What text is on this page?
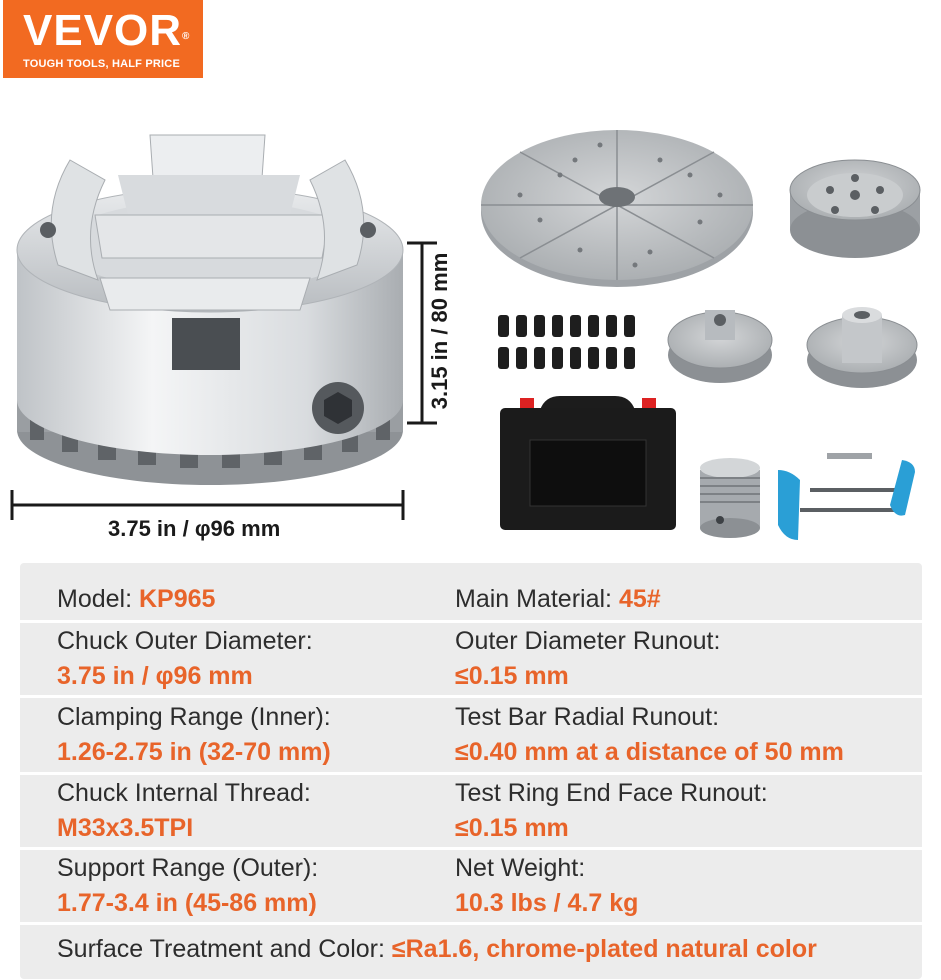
VEVOR®
TOUGH TOOLS, HALF PRICE
3.75 in / φ96 mm
3.15 in / 80 mm
Model: KP965	Main Material: 45#
Chuck Outer Diameter:
3.75 in / φ96 mm
Outer Diameter Runout:
≤0.15 mm
Clamping Range (Inner):
1.26-2.75 in (32-70 mm)
Test Bar Radial Runout:
≤0.40 mm at a distance of 50 mm
Chuck Internal Thread:
M33x3.5TPI
Test Ring End Face Runout:
≤0.15 mm
Support Range (Outer):
1.77-3.4 in (45-86 mm)
Net Weight:
10.3 lbs / 4.7 kg
Surface Treatment and Color: ≤Ra1.6, chrome-plated natural color
